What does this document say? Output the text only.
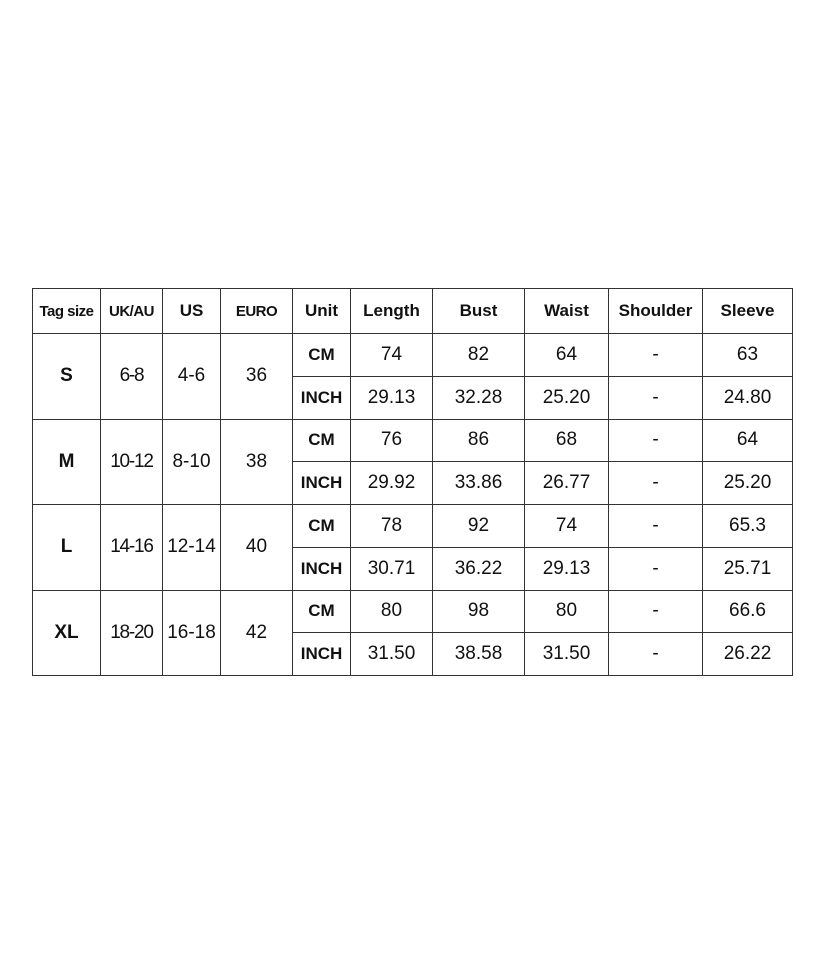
Tag size	UK/AU	US	EURO	Unit	Length	Bust	Waist	Shoulder	Sleeve
S	6-8	4-6	36	CM	74	82	64	-	63
				INCH	29.13	32.28	25.20	-	24.80
M	10-12	8-10	38	CM	76	86	68	-	64
				INCH	29.92	33.86	26.77	-	25.20
L	14-16	12-14	40	CM	78	92	74	-	65.3
				INCH	30.71	36.22	29.13	-	25.71
XL	18-20	16-18	42	CM	80	98	80	-	66.6
				INCH	31.50	38.58	31.50	-	26.22
